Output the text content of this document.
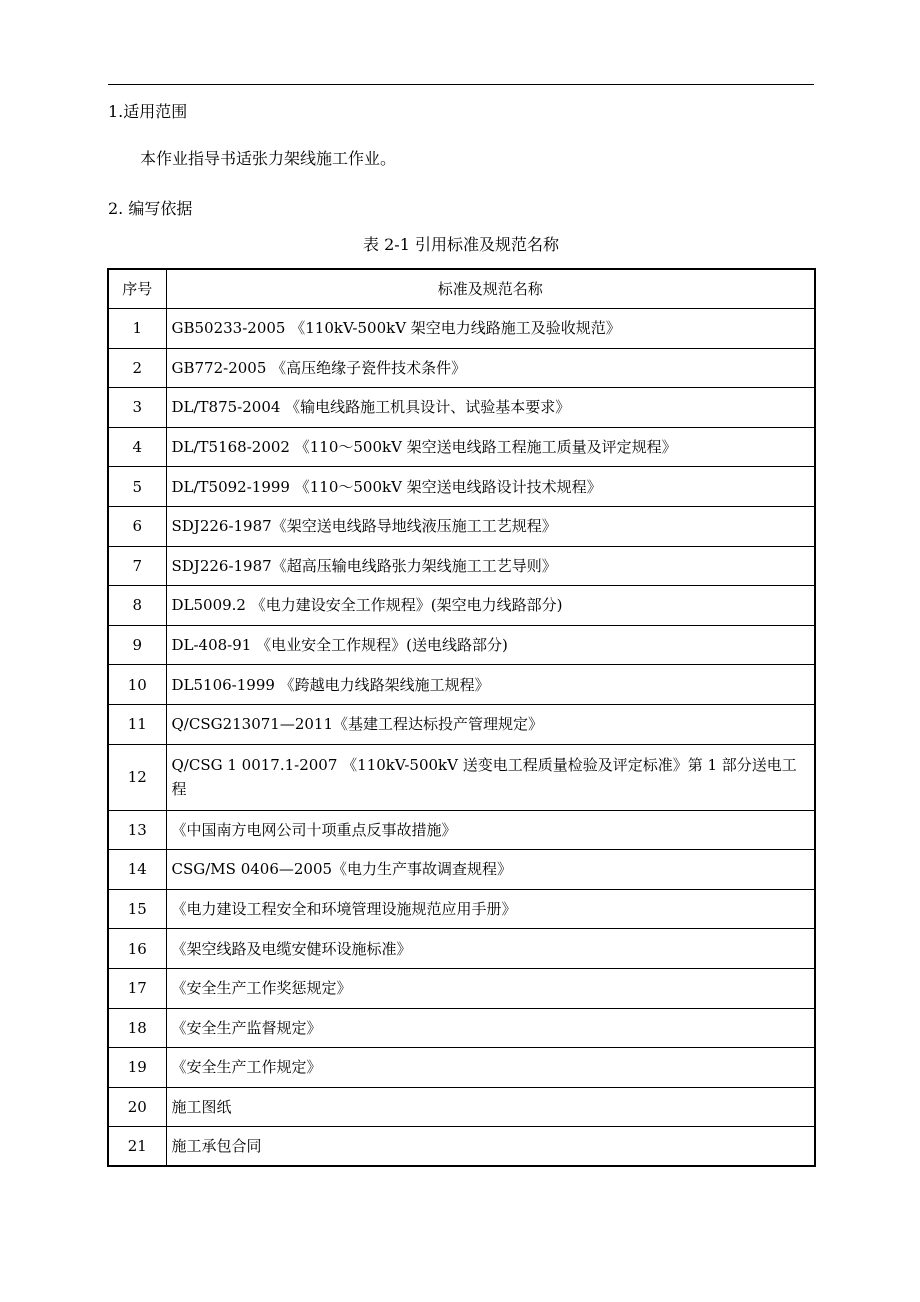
1.适用范围
本作业指导书适张力架线施工作业。
2. 编写依据
表 2-1 引用标准及规范名称
序号	标准及规范名称
1	GB50233-2005 《110kV-500kV 架空电力线路施工及验收规范》
2	GB772-2005 《高压绝缘子瓷件技术条件》
3	DL/T875-2004 《输电线路施工机具设计、试验基本要求》
4	DL/T5168-2002 《110～500kV 架空送电线路工程施工质量及评定规程》
5	DL/T5092-1999 《110～500kV 架空送电线路设计技术规程》
6	SDJ226-1987《架空送电线路导地线液压施工工艺规程》
7	SDJ226-1987《超高压输电线路张力架线施工工艺导则》
8	DL5009.2 《电力建设安全工作规程》(架空电力线路部分)
9	DL-408-91 《电业安全工作规程》(送电线路部分)
10	DL5106-1999 《跨越电力线路架线施工规程》
11	Q/CSG213071—2011《基建工程达标投产管理规定》
12	Q/CSG 1 0017.1-2007 《110kV-500kV 送变电工程质量检验及评定标准》第 1 部分送电工程
13	《中国南方电网公司十项重点反事故措施》
14	CSG/MS 0406—2005《电力生产事故调查规程》
15	《电力建设工程安全和环境管理设施规范应用手册》
16	《架空线路及电缆安健环设施标准》
17	《安全生产工作奖惩规定》
18	《安全生产监督规定》
19	《安全生产工作规定》
20	施工图纸
21	施工承包合同
